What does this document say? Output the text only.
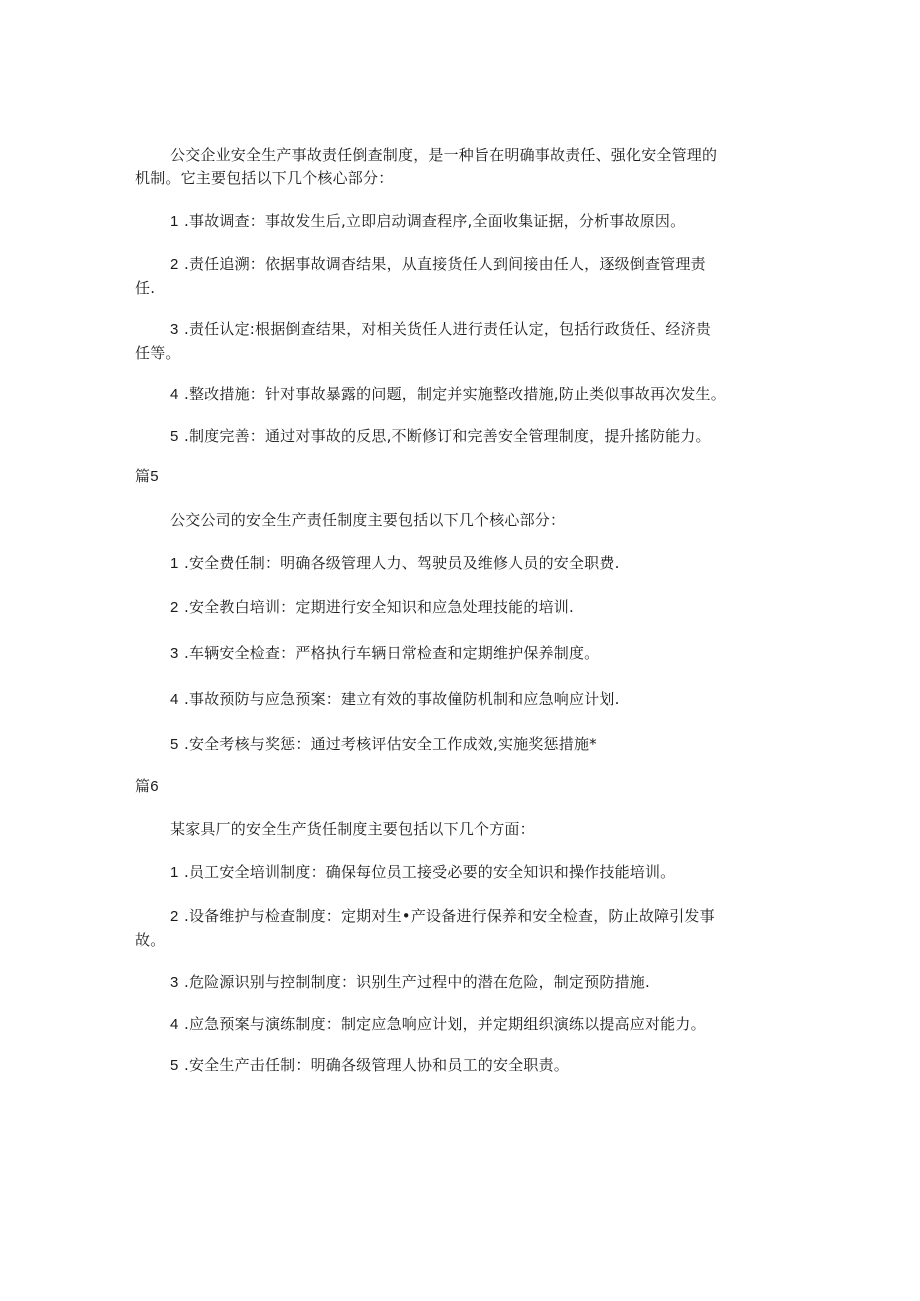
公交企业安全生产事故责任倒查制度，是一种旨在明确事故责任、强化安全管理的
机制。它主要包括以下几个核心部分：
1 .事故调查：事故发生后,立即启动调查程序,全面收集证据，分析事故原因。
2 .责任追溯：依据事故调杳结果，从直接货任人到间接由任人，逐级倒查管理责
任.
3 .责任认定:根据倒查结果，对相关货任人进行责任认定，包括行政货任、经济贵
任等。
4 .整改措施：针对事故暴露的问题，制定并实施整改措施,防止类似事故再次发生。
5 .制度完善：通过对事故的反思,不断修订和完善安全管理制度，提升搖防能力。
篇5
公交公司的安全生产责任制度主要包括以下几个核心部分：
1 .安全费任制：明确各级管理人力、驾驶员及维修人员的安全职费.
2 .安全教白培训：定期进行安全知识和应急处理技能的培训.
3 .车辆安全检查：严格执行车辆日常检查和定期维护保养制度。
4 .事故预防与应急预案：建立有效的事故僮防机制和应急响应计划.
5 .安全考核与奖惩：通过考核评估安全工作成效,实施奖惩措施*
篇6
某家具厂的安全生产货任制度主要包括以下几个方面：
1 .员工安全培训制度：确保每位员工接受必要的安全知识和操作技能培训。
2 .设备维护与检查制度：定期对生•产设备进行保养和安全检查，防止故障引发事
故。
3 .危险源识别与控制制度：识别生产过程中的潜在危险，制定预防措施.
4 .应急预案与演练制度：制定应急响应计划，并定期组织演练以提高应对能力。
5 .安全生产击任制：明确各级管理人协和员工的安全职责。
